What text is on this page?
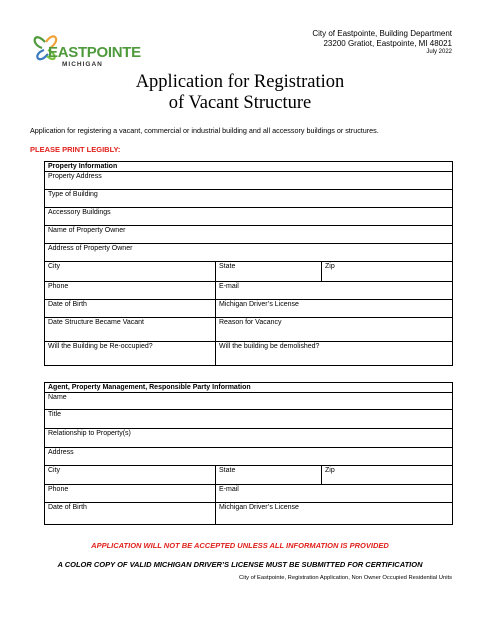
EASTPOINTE
MICHIGAN
City of Eastpointe, Building Department
23200 Gratiot, Eastpointe, MI 48021
July 2022
Application for Registration
of Vacant Structure
Application for registering a vacant, commercial or industrial building and all accessory buildings or structures.
PLEASE PRINT LEGIBLY:
Property Information		
Property Address		
Type of Building		
Accessory Buildings		
Name of Property Owner		
Address of Property Owner		
City	State	Zip
Phone	E-mail	
Date of Birth	Michigan Driver’s License	
Date Structure Became Vacant	Reason for Vacancy	
Will the Building be Re-occupied?	Will the building be demolished?	
Agent, Property Management, Responsible Party Information		
Name		
Title		
Relationship to Property(s)		
Address		
City	State	Zip
Phone	E-mail	
Date of Birth	Michigan Driver’s License	
APPLICATION WILL NOT BE ACCEPTED UNLESS ALL INFORMATION IS PROVIDED
A COLOR COPY OF VALID MICHIGAN DRIVER’S LICENSE MUST BE SUBMITTED FOR CERTIFICATION
City of Eastpointe, Registration Application, Non Owner Occupied Residential Units
